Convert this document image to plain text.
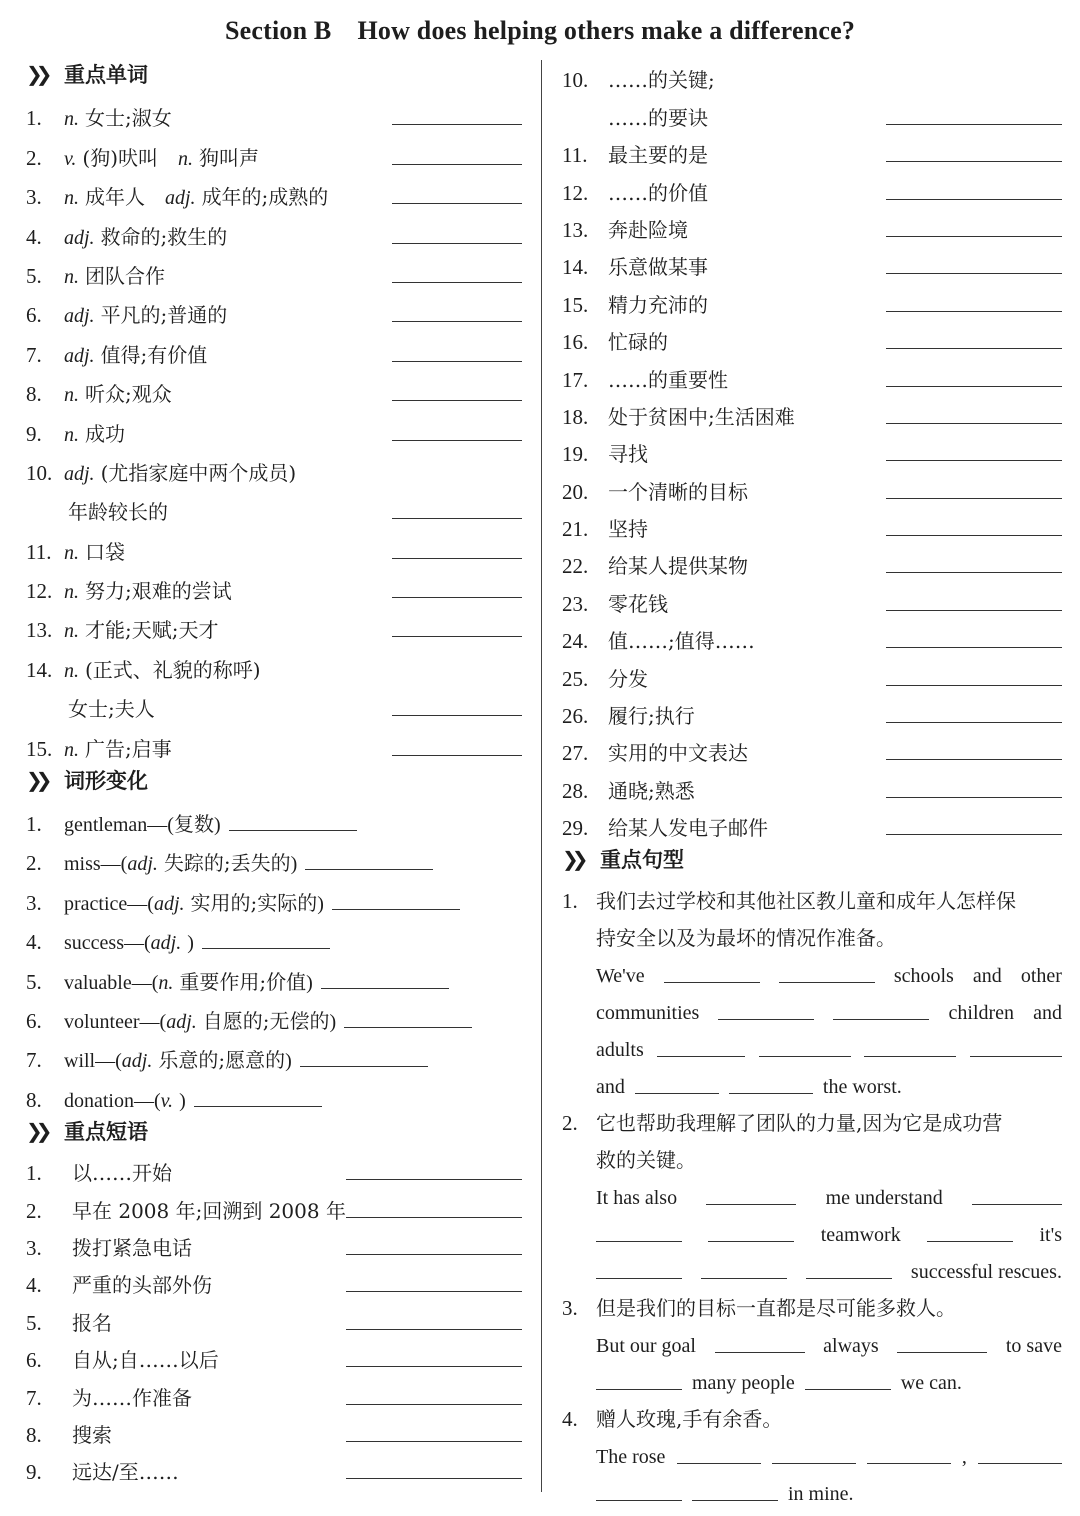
Section B How does helping others make a difference?
❯❯ 重点单词
1.	n. 女士;淑女
2.	v. (狗)吠叫 n. 狗叫声
3.	n. 成年人 adj. 成年的;成熟的
4.	adj. 救命的;救生的
5.	n. 团队合作
6.	adj. 平凡的;普通的
7.	adj. 值得;有价值
8.	n. 听众;观众
9.	n. 成功
10. adj. (尤指家庭中两个成员)
年龄较长的
11. n. 口袋
12. n. 努力;艰难的尝试
13. n. 才能;天赋;天才
14. n. (正式、礼貌的称呼)
女士;夫人
15. n. 广告;启事
❯❯ 词形变化
1.	gentleman—( 复数 )
2.	miss—( adj. 失踪的;丢失的 )
3.	practice—( adj. 实用的;实际的 )
4.	success—( adj. )
5.	valuable—( n. 重要作用;价值 )
6.	volunteer—( adj. 自愿的;无偿的 )
7.	will—( adj. 乐意的;愿意的 )
8.	donation—( v. )
❯❯ 重点短语
1.	以……开始
2.	早在 2008 年;回溯到 2008 年
3.	拨打紧急电话
4.	严重的头部外伤
5.	报名
6.	自从;自……以后
7.	为……作准备
8.	搜索
9.	远达/至……
10. ……的关键;
……的要诀
11.	最主要的是
12. ……的价值
13. 奔赴险境
14. 乐意做某事
15. 精力充沛的
16. 忙碌的
17. ……的重要性
18. 处于贫困中;生活困难
19. 寻找
20. 一个清晰的目标
21. 坚持
22. 给某人提供某物
23. 零花钱
24. 值……;值得……
25. 分发
26. 履行;执行
27. 实用的中文表达
28. 通晓;熟悉
29. 给某人发电子邮件
❯❯ 重点句型
1. 我们去过学校和其他社区教儿童和成年人怎样保
持安全以及为最坏的情况作准备。
We've	schools and other
communities	children and
adults
and	the worst.
2. 它也帮助我理解了团队的力量,因为它是成功营
救的关键。
It has also	me understand
teamwork	it's
successful rescues.
3. 但是我们的目标一直都是尽可能多救人。
But our goal	always	to save
many people	we can.
4. 赠人玫瑰,手有余香。
The rose	,
in mine.
